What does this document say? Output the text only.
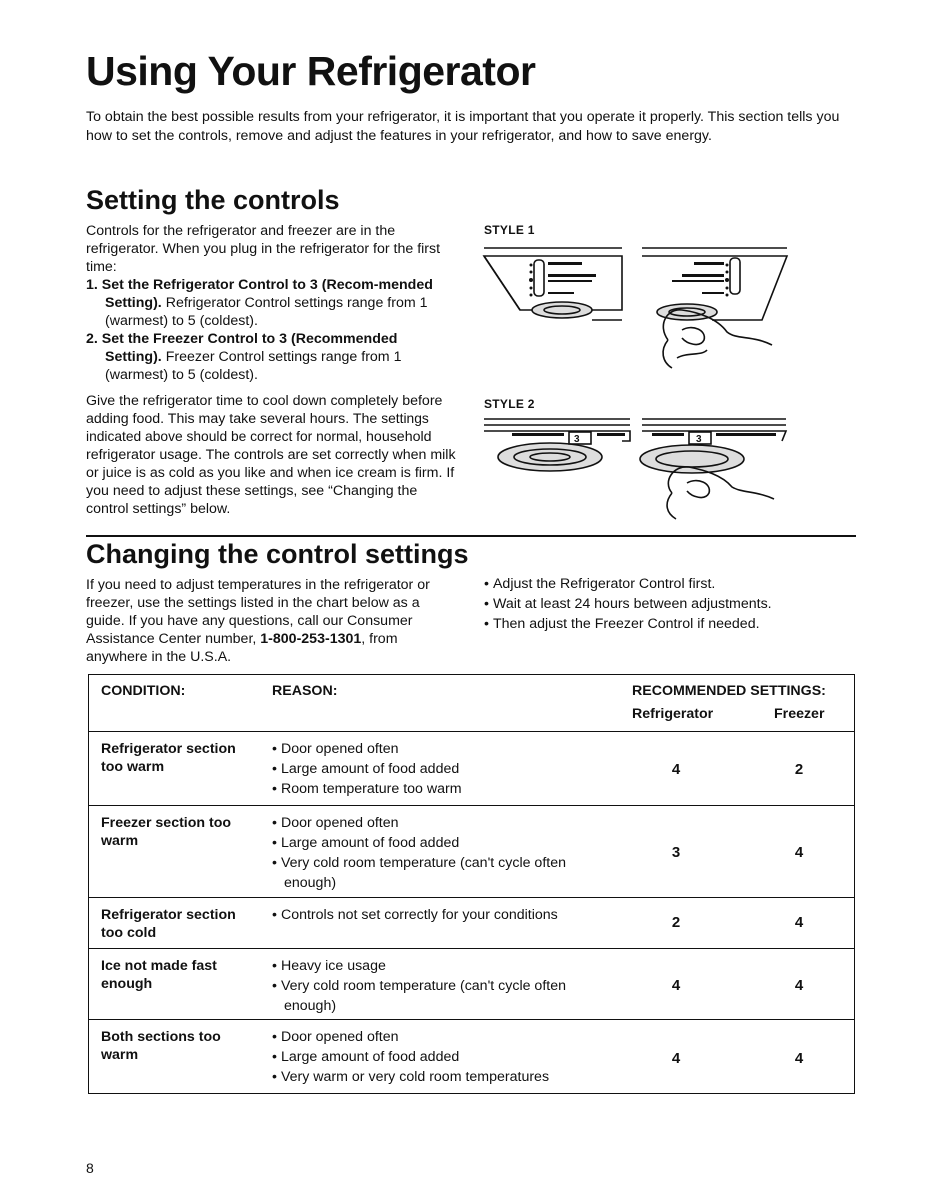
Using Your Refrigerator

To obtain the best possible results from your refrigerator, it is important that you operate it properly. This section tells you how to set the controls, remove and adjust the features in your refrigerator, and how to save energy.

Setting the controls

Controls for the refrigerator and freezer are in the refrigerator. When you plug in the refrigerator for the first time:

1. Set the Refrigerator Control to 3 (Recom-mended Setting). Refrigerator Control settings range from 1 (warmest) to 5 (coldest).
2. Set the Freezer Control to 3 (Recommended Setting). Freezer Control settings range from 1 (warmest) to 5 (coldest).

Give the refrigerator time to cool down completely before adding food. This may take several hours. The settings indicated above should be correct for normal, household refrigerator usage. The controls are set correctly when milk or juice is as cold as you like and when ice cream is firm. If you need to adjust these settings, see “Changing the control settings” below.

STYLE 1
STYLE 2
3	3
Changing the control settings

If you need to adjust temperatures in the refrigerator or freezer, use the settings listed in the chart below as a guide. If you have any questions, call our Consumer Assistance Center number, 1-800-253-1301, from anywhere in the U.S.A.

• Adjust the Refrigerator Control first.
• Wait at least 24 hours between adjustments.
• Then adjust the Freezer Control if needed.
CONDITION:	REASON:	RECOMMENDED SETTINGS:
Refrigerator	Freezer
Refrigerator section too warm
• Door opened often
• Large amount of food added
• Room temperature too warm
4	2
Freezer section too warm
• Door opened often
• Large amount of food added
• Very cold room temperature (can't cycle often enough)
3	4
Refrigerator section too cold
• Controls not set correctly for your conditions	2	4
Ice not made fast enough
• Heavy ice usage
• Very cold room temperature (can't cycle often enough)
4	4
Both sections too warm
• Door opened often
• Large amount of food added
• Very warm or very cold room temperatures
4	4
8
